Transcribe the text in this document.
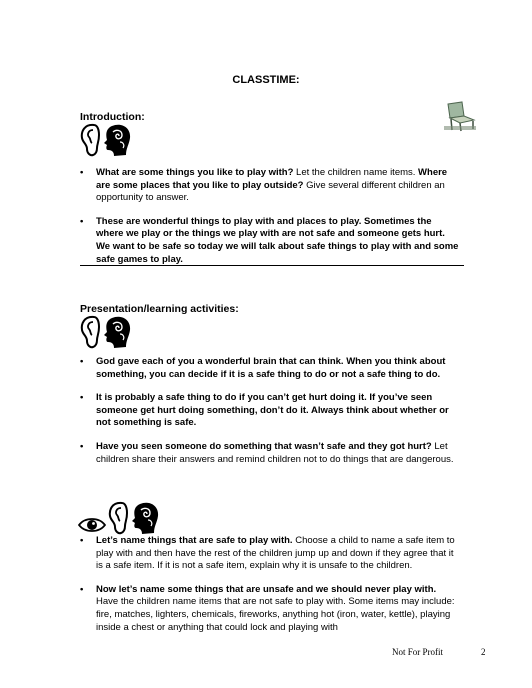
CLASSTIME:
Introduction:
• What are some things you like to play with? Let the children name items. Where are some places that you like to play outside? Give several different children an opportunity to answer.
• These are wonderful things to play with and places to play. Sometimes the where we play or the things we play with are not safe and someone gets hurt. We want to be safe so today we will talk about safe things to play with and some safe games to play.
Presentation/learning activities:
• God gave each of you a wonderful brain that can think. When you think about something, you can decide if it is a safe thing to do or not a safe thing to do.
• It is probably a safe thing to do if you can’t get hurt doing it. If you’ve seen someone get hurt doing something, don’t do it. Always think about whether or not something is safe.
• Have you seen someone do something that wasn’t safe and they got hurt? Let children share their answers and remind children not to do things that are dangerous.
• Let’s name things that are safe to play with. Choose a child to name a safe item to play with and then have the rest of the children jump up and down if they agree that it is a safe item. If it is not a safe item, explain why it is unsafe to the children.
• Now let’s name some things that are unsafe and we should never play with. Have the children name items that are not safe to play with. Some items may include: fire, matches, lighters, chemicals, fireworks, anything hot (iron, water, kettle), playing inside a chest or anything that could lock and playing with
Not For Profit	2
